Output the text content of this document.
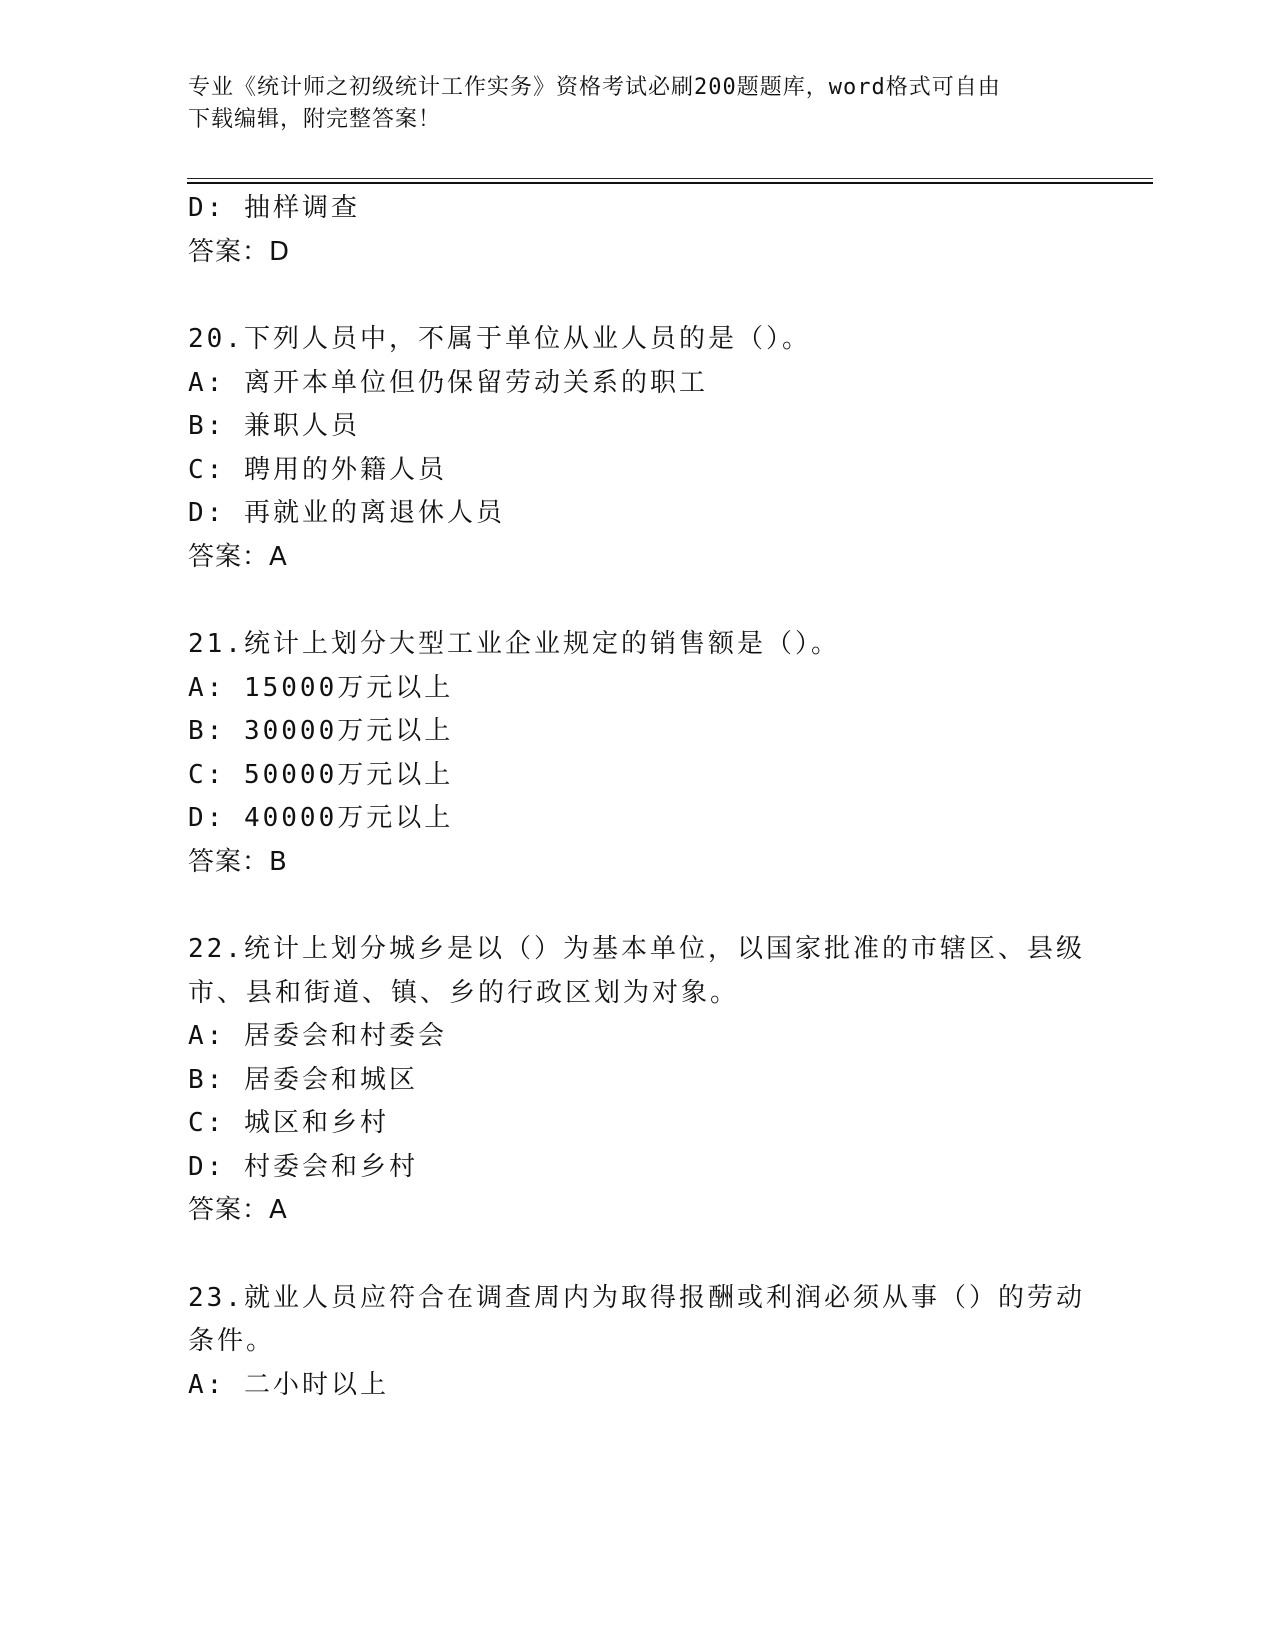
专业《统计师之初级统计工作实务》资格考试必刷200题题库，word格式可自由
下载编辑，附完整答案！
D: 抽样调查
答案：D
20.下列人员中，不属于单位从业人员的是（）。
A: 离开本单位但仍保留劳动关系的职工
B: 兼职人员
C: 聘用的外籍人员
D: 再就业的离退休人员
答案：A
21.统计上划分大型工业企业规定的销售额是（）。
A: 15000万元以上
B: 30000万元以上
C: 50000万元以上
D: 40000万元以上
答案：B
22.统计上划分城乡是以（）为基本单位，以国家批准的市辖区、县级
市、县和街道、镇、乡的行政区划为对象。
A: 居委会和村委会
B: 居委会和城区
C: 城区和乡村
D: 村委会和乡村
答案：A
23.就业人员应符合在调查周内为取得报酬或利润必须从事（）的劳动
条件。
A: 二小时以上
